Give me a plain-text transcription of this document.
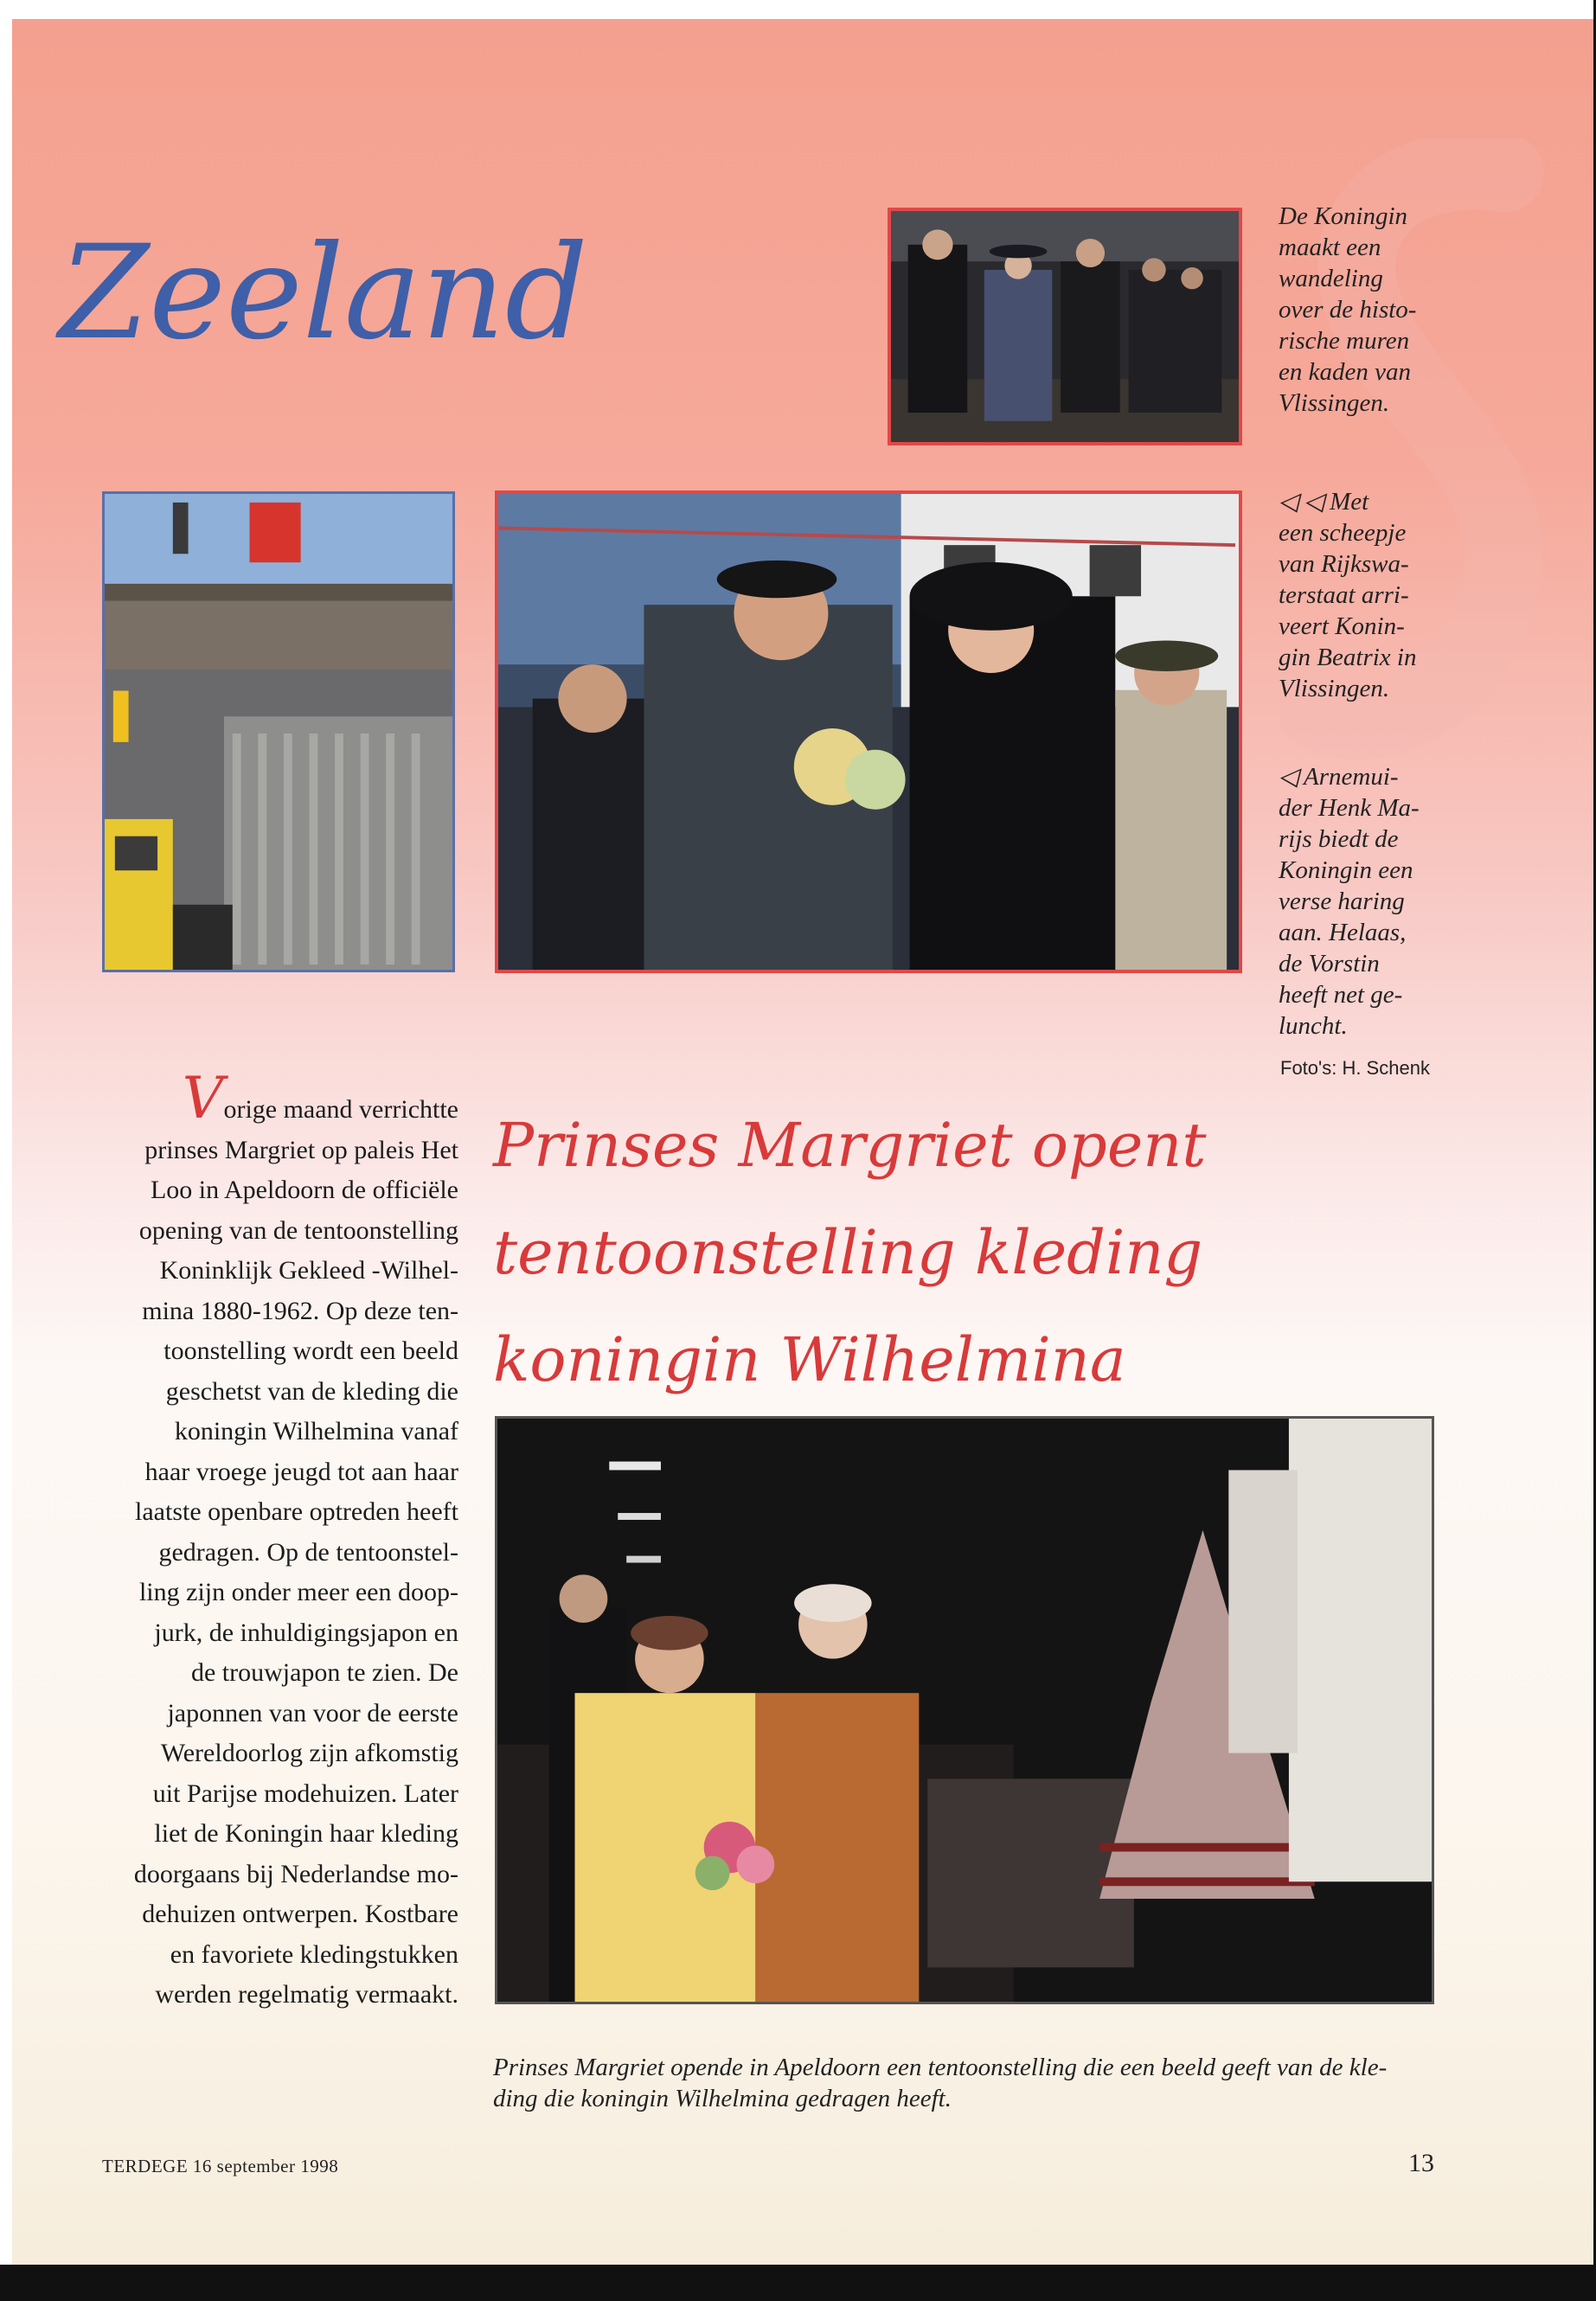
Zeeland
De Koningin
maakt een
wandeling
over de histo-
rische muren
en kaden van
Vlissingen.
◁ ◁ Met
een scheepje
van Rijkswa-
terstaat arri-
veert Konin-
gin Beatrix in
Vlissingen.
◁ Arnemui-
der Henk Ma-
rijs biedt de
Koningin een
verse haring
aan. Helaas,
de Vorstin
heeft net ge-
luncht.
Foto's: H. Schenk
Prinses Margriet opent
tentoonstelling kleding
koningin Wilhelmina
Vorige maand verrichtte
prinses Margriet op paleis Het
Loo in Apeldoorn de officiële
opening van de tentoonstelling
Koninklijk Gekleed -Wilhel-
mina 1880-1962. Op deze ten-
toonstelling wordt een beeld
geschetst van de kleding die
koningin Wilhelmina vanaf
haar vroege jeugd tot aan haar
laatste openbare optreden heeft
gedragen. Op de tentoonstel-
ling zijn onder meer een doop-
jurk, de inhuldigingsjapon en
de trouwjapon te zien. De
japonnen van voor de eerste
Wereldoorlog zijn afkomstig
uit Parijse modehuizen. Later
liet de Koningin haar kleding
doorgaans bij Nederlandse mo-
dehuizen ontwerpen. Kostbare
en favoriete kledingstukken
werden regelmatig vermaakt.
Prinses Margriet opende in Apeldoorn een tentoonstelling die een beeld geeft van de kle-
ding die koningin Wilhelmina gedragen heeft.
TERDEGE 16 september 1998	13
